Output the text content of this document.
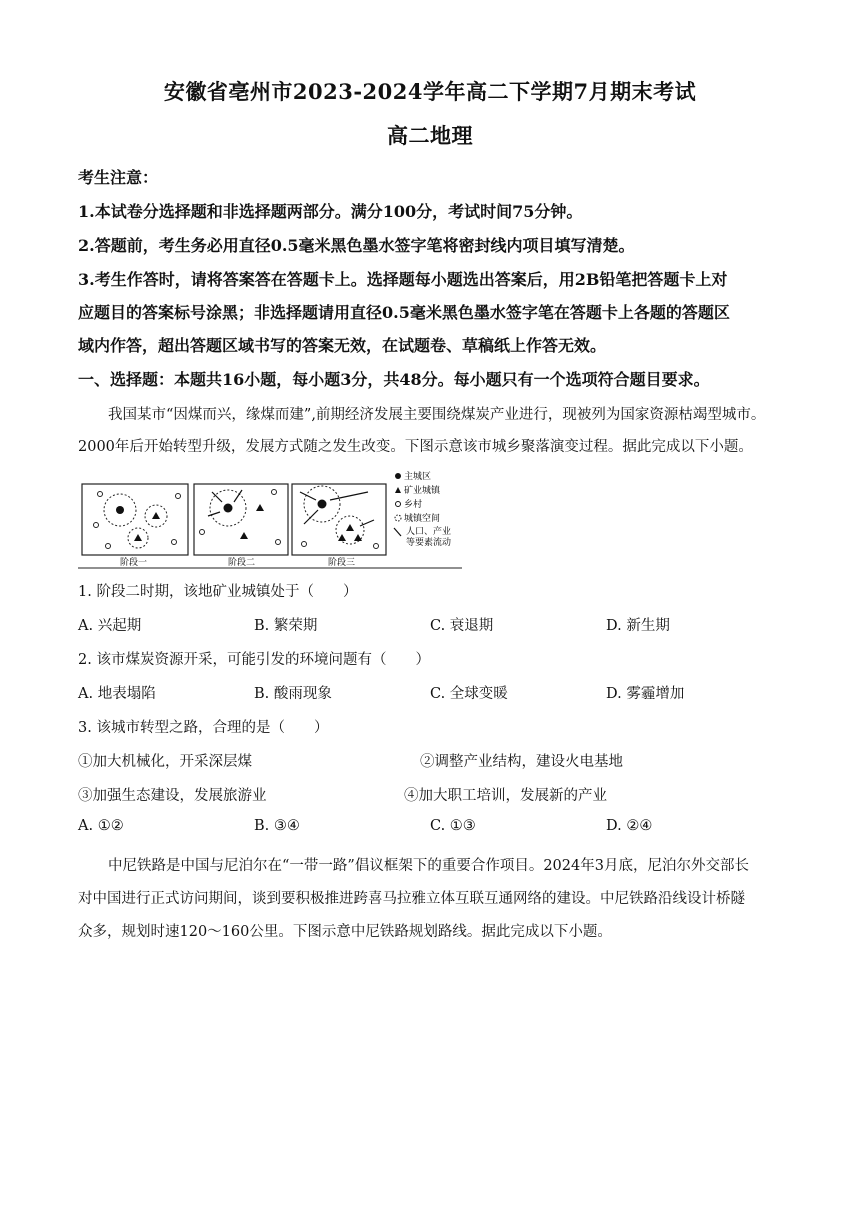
安徽省亳州市2023-2024学年高二下学期7月期末考试
高二地理
考生注意：
1.本试卷分选择题和非选择题两部分。满分100分，考试时间75分钟。
2.答题前，考生务必用直径0.5毫米黑色墨水签字笔将密封线内项目填写清楚。
3.考生作答时，请将答案答在答题卡上。选择题每小题选出答案后，用2B铅笔把答题卡上对
应题目的答案标号涂黑；非选择题请用直径0.5毫米黑色墨水签字笔在答题卡上各题的答题区
域内作答，超出答题区域书写的答案无效，在试题卷、草稿纸上作答无效。
一、选择题：本题共16小题，每小题3分，共48分。每小题只有一个选项符合题目要求。
我国某市“因煤而兴，缘煤而建”,前期经济发展主要围绕煤炭产业进行，现被列为国家资源枯竭型城市。
2000年后开始转型升级，发展方式随之发生改变。下图示意该市城乡聚落演变过程。据此完成以下小题。
阶段一	阶段二	阶段三
主城区
矿业城镇
乡村
城镇空间
人口、产业
等要素流动
1. 阶段二时期，该地矿业城镇处于（　　）
A. 兴起期	B. 繁荣期	C. 衰退期	D. 新生期
2. 该市煤炭资源开采，可能引发的环境问题有（　　）
A. 地表塌陷	B. 酸雨现象	C. 全球变暖	D. 雾霾增加
3. 该城市转型之路，合理的是（　　）
①加大机械化，开采深层煤	②调整产业结构，建设火电基地
③加强生态建设，发展旅游业	④加大职工培训，发展新的产业
A. ①②	B. ③④	C. ①③	D. ②④
中尼铁路是中国与尼泊尔在“一带一路”倡议框架下的重要合作项目。2024年3月底，尼泊尔外交部长
对中国进行正式访问期间，谈到要积极推进跨喜马拉雅立体互联互通网络的建设。中尼铁路沿线设计桥隧
众多，规划时速120～160公里。下图示意中尼铁路规划路线。据此完成以下小题。
